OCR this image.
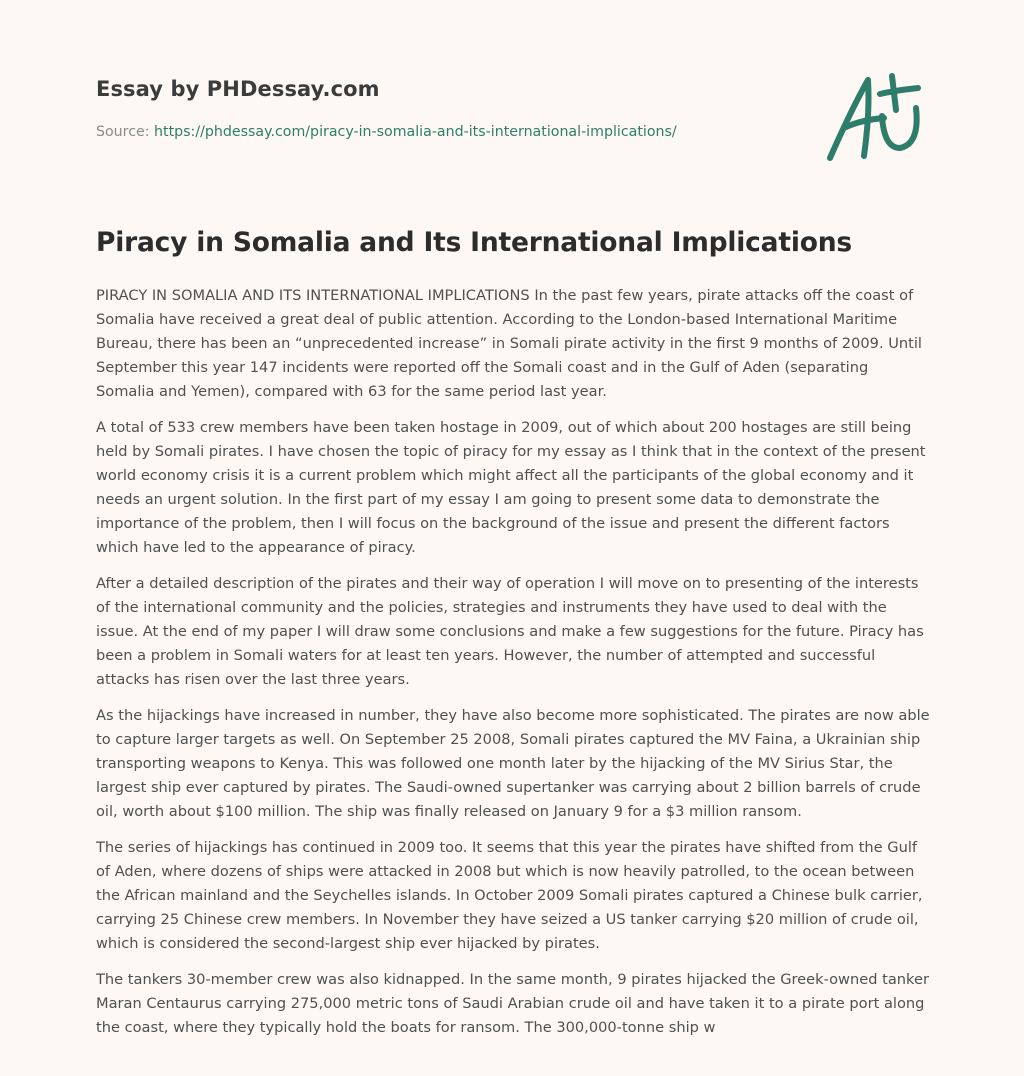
Essay by PHDessay.com
Source: https://phdessay.com/piracy-in-somalia-and-its-international-implications/
Piracy in Somalia and Its International Implications

PIRACY IN SOMALIA AND ITS INTERNATIONAL IMPLICATIONS In the past few years, pirate attacks off the coast of Somalia have received a great deal of public attention. According to the London-based International Maritime Bureau, there has been an “unprecedented increase” in Somali pirate activity in the first 9 months of 2009. Until September this year 147 incidents were reported off the Somali coast and in the Gulf of Aden (separating Somalia and Yemen), compared with 63 for the same period last year.

A total of 533 crew members have been taken hostage in 2009, out of which about 200 hostages are still being held by Somali pirates. I have chosen the topic of piracy for my essay as I think that in the context of the present world economy crisis it is a current problem which might affect all the participants of the global economy and it needs an urgent solution. In the first part of my essay I am going to present some data to demonstrate the importance of the problem, then I will focus on the background of the issue and present the different factors which have led to the appearance of piracy.

After a detailed description of the pirates and their way of operation I will move on to presenting of the interests of the international community and the policies, strategies and instruments they have used to deal with the issue. At the end of my paper I will draw some conclusions and make a few suggestions for the future. Piracy has been a problem in Somali waters for at least ten years. However, the number of attempted and successful attacks has risen over the last three years.

As the hijackings have increased in number, they have also become more sophisticated. The pirates are now able to capture larger targets as well. On September 25 2008, Somali pirates captured the MV Faina, a Ukrainian ship transporting weapons to Kenya. This was followed one month later by the hijacking of the MV Sirius Star, the largest ship ever captured by pirates. The Saudi-owned supertanker was carrying about 2 billion barrels of crude oil, worth about $100 million. The ship was finally released on January 9 for a $3 million ransom.

The series of hijackings has continued in 2009 too. It seems that this year the pirates have shifted from the Gulf of Aden, where dozens of ships were attacked in 2008 but which is now heavily patrolled, to the ocean between the African mainland and the Seychelles islands. In October 2009 Somali pirates captured a Chinese bulk carrier, carrying 25 Chinese crew members. In November they have seized a US tanker carrying $20 million of crude oil, which is considered the second-largest ship ever hijacked by pirates.

The tankers 30-member crew was also kidnapped. In the same month, 9 pirates hijacked the Greek-owned tanker Maran Centaurus carrying 275,000 metric tons of Saudi Arabian crude oil and have taken it to a pirate port along the coast, where they typically hold the boats for ransom. The 300,000-tonne ship w
